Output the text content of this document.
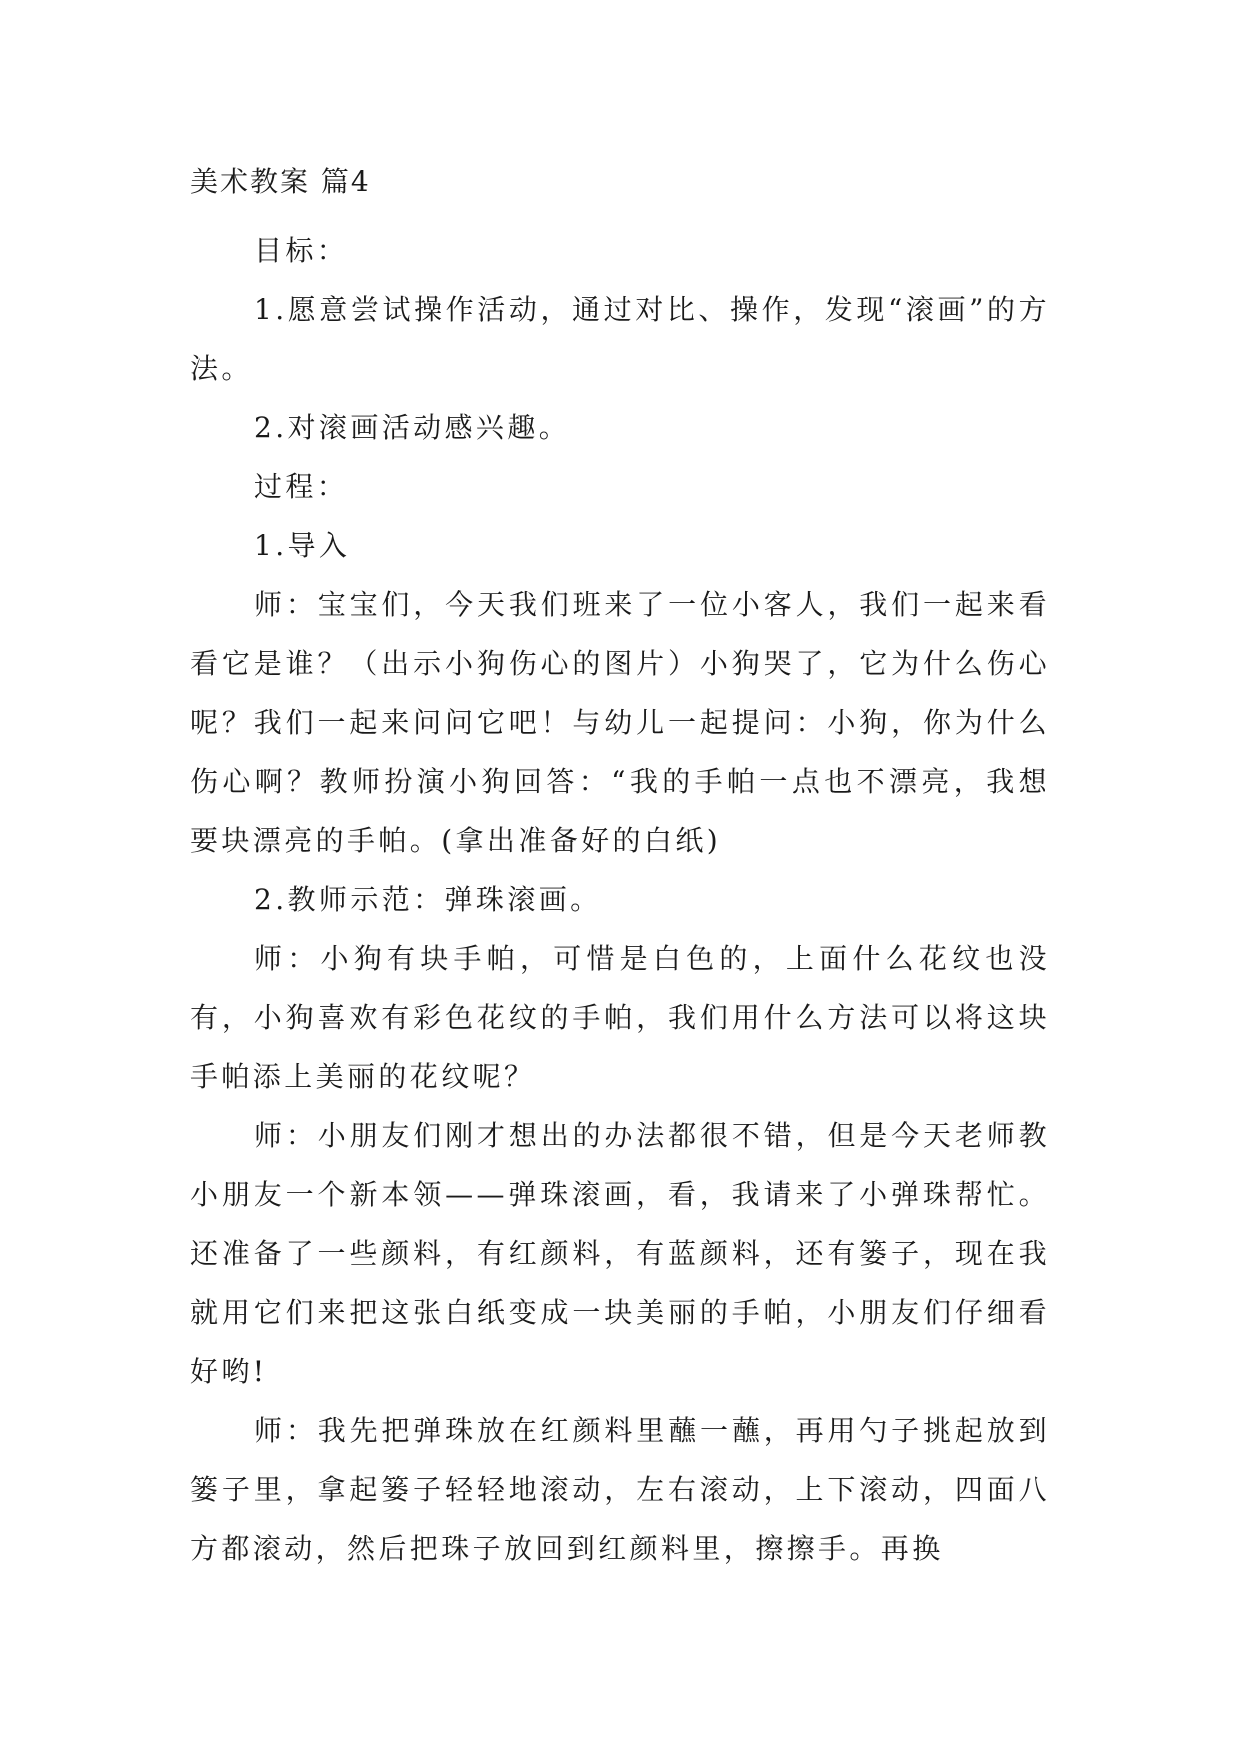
美术教案 篇4

目标：

1.愿意尝试操作活动，通过对比、操作，发现“滚画”的方法。

2.对滚画活动感兴趣。

过程：

1.导入

师：宝宝们，今天我们班来了一位小客人，我们一起来看看它是谁？（出示小狗伤心的图片）小狗哭了，它为什么伤心呢？我们一起来问问它吧！与幼儿一起提问：小狗，你为什么伤心啊？教师扮演小狗回答：“我的手帕一点也不漂亮，我想要块漂亮的手帕。(拿出准备好的白纸)

2.教师示范：弹珠滚画。

师：小狗有块手帕，可惜是白色的，上面什么花纹也没有，小狗喜欢有彩色花纹的手帕，我们用什么方法可以将这块手帕添上美丽的花纹呢？

师：小朋友们刚才想出的办法都很不错，但是今天老师教小朋友一个新本领——弹珠滚画，看，我请来了小弹珠帮忙。还准备了一些颜料，有红颜料，有蓝颜料，还有篓子，现在我就用它们来把这张白纸变成一块美丽的手帕，小朋友们仔细看好哟!

师：我先把弹珠放在红颜料里蘸一蘸，再用勺子挑起放到篓子里，拿起篓子轻轻地滚动，左右滚动，上下滚动，四面八方都滚动，然后把珠子放回到红颜料里，擦擦手。再换
